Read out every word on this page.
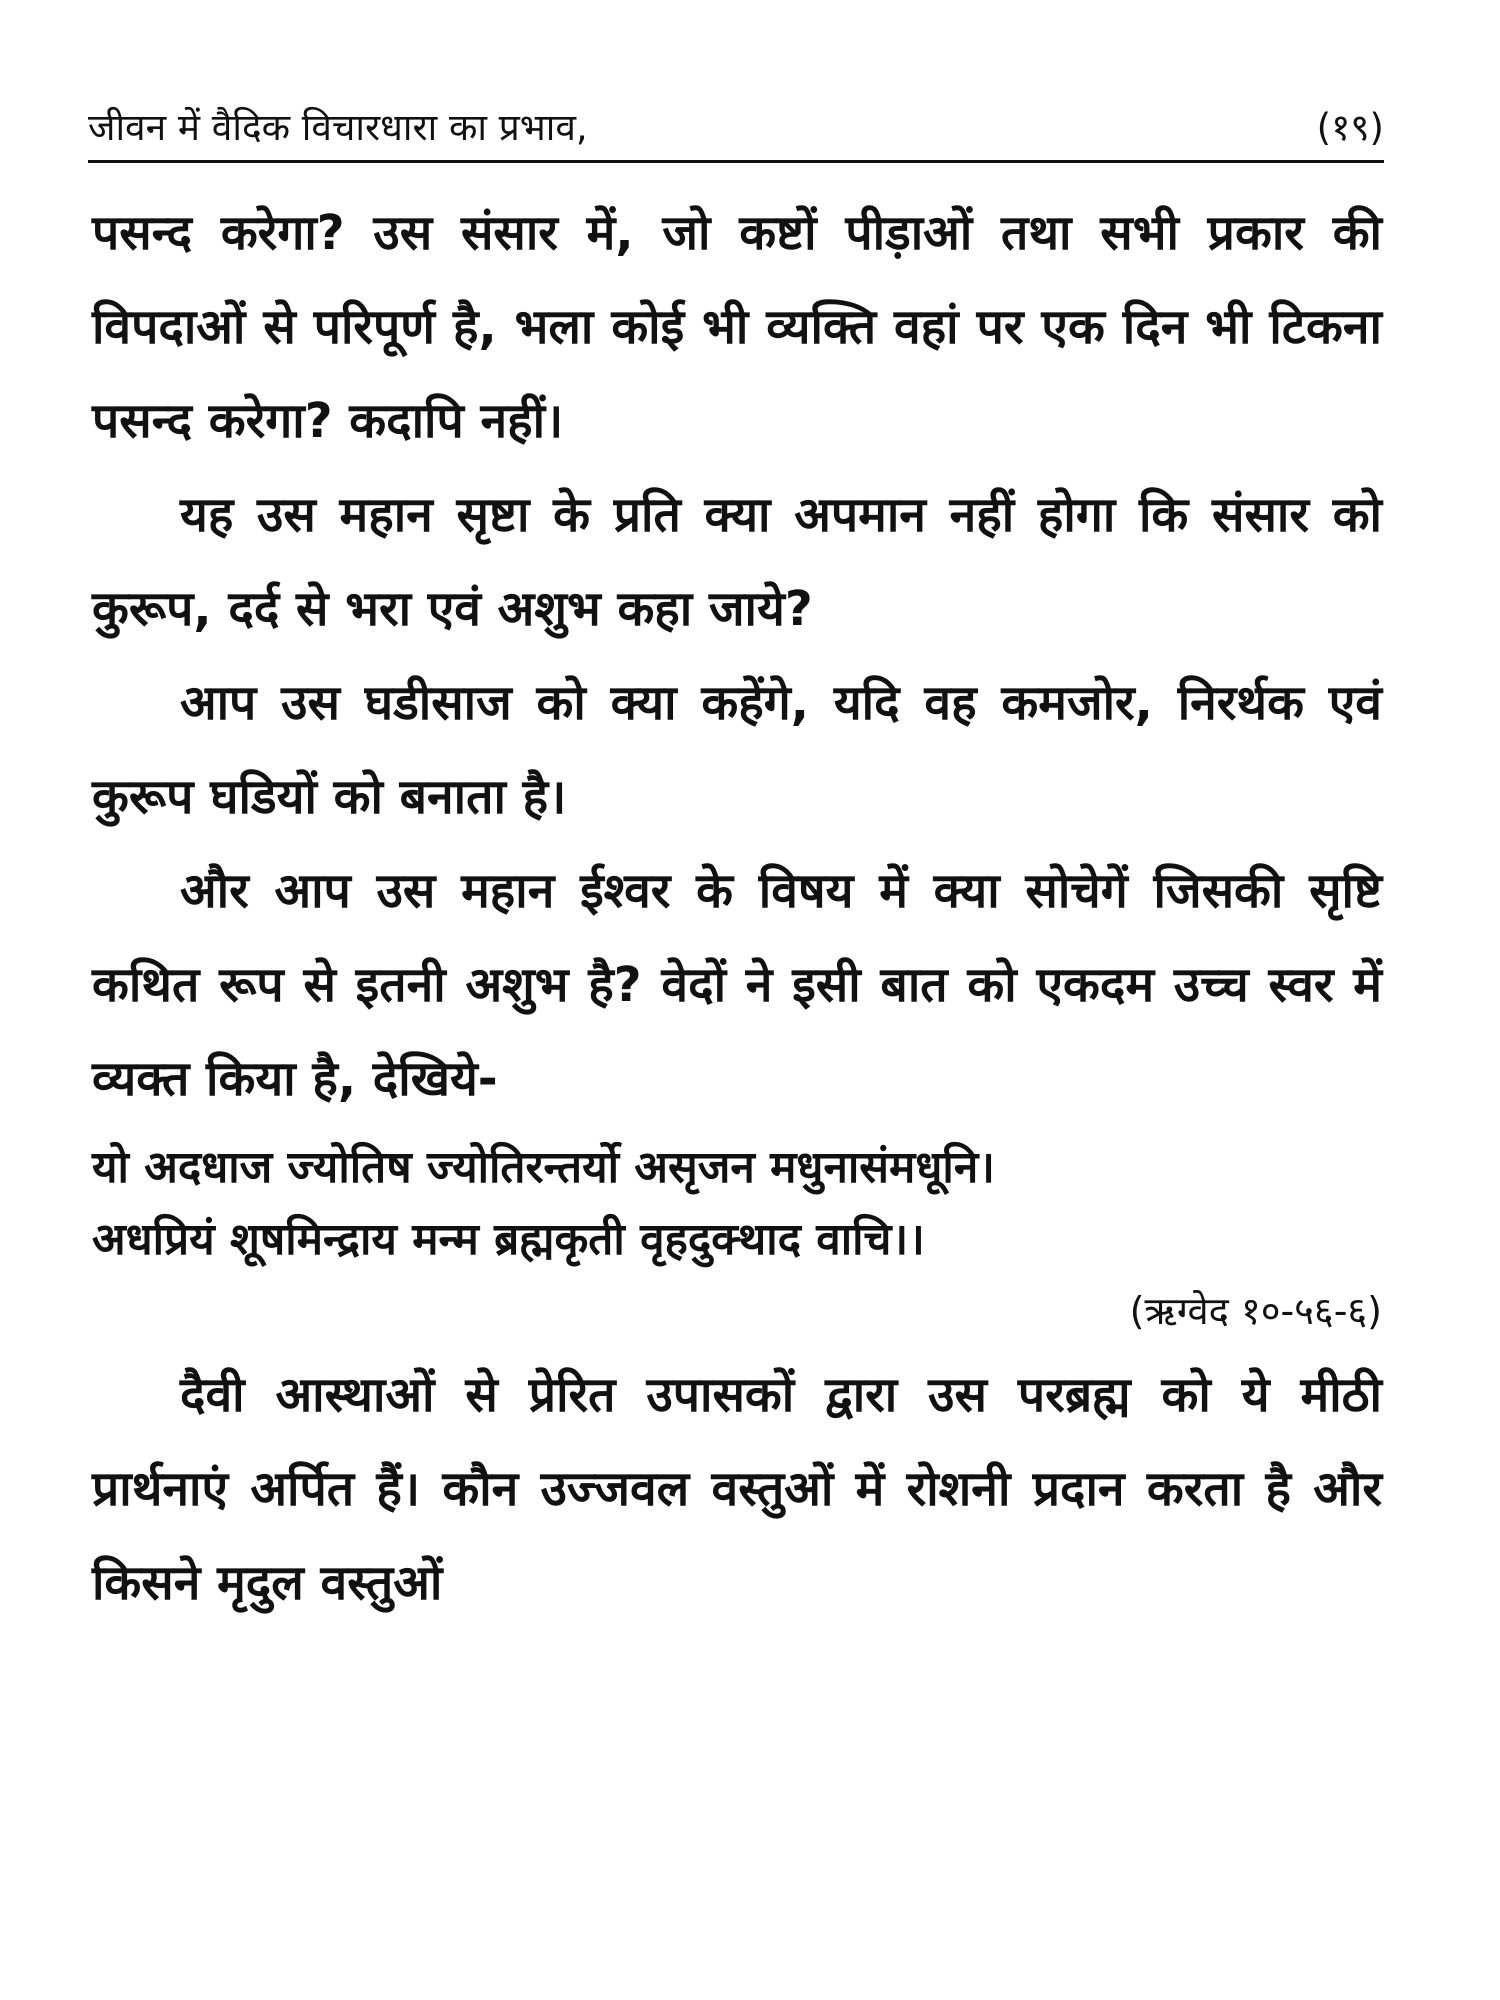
जीवन में वैदिक विचारधारा का प्रभाव,	(१९)

पसन्द करेगा? उस संसार में, जो कष्टों पीड़ाओं तथा सभी प्रकार की विपदाओं से परिपूर्ण है, भला कोई भी व्यक्ति वहां पर एक दिन भी टिकना पसन्द करेगा? कदापि नहीं।

यह उस महान सृष्टा के प्रति क्या अपमान नहीं होगा कि संसार को कुरूप, दर्द से भरा एवं अशुभ कहा जाये?

आप उस घडीसाज को क्या कहेंगे, यदि वह कमजोर, निरर्थक एवं कुरूप घडियों को बनाता है।

और आप उस महान ईश्वर के विषय में क्या सोचेगें जिसकी सृष्टि कथित रूप से इतनी अशुभ है? वेदों ने इसी बात को एकदम उच्च स्वर में व्यक्त किया है, देखिये-

यो अदधाज ज्योतिष ज्योतिरन्तर्यो असृजन मधुनासंमधूनि।

अधप्रियं शूषमिन्द्राय मन्म ब्रह्मकृती वृहदुक्थाद वाचि।।

(ऋग्वेद १०-५६-६)

दैवी आस्थाओं से प्रेरित उपासकों द्वारा उस परब्रह्म को ये मीठी प्रार्थनाएं अर्पित हैं। कौन उज्जवल वस्तुओं में रोशनी प्रदान करता है और किसने मृदुल वस्तुओं
